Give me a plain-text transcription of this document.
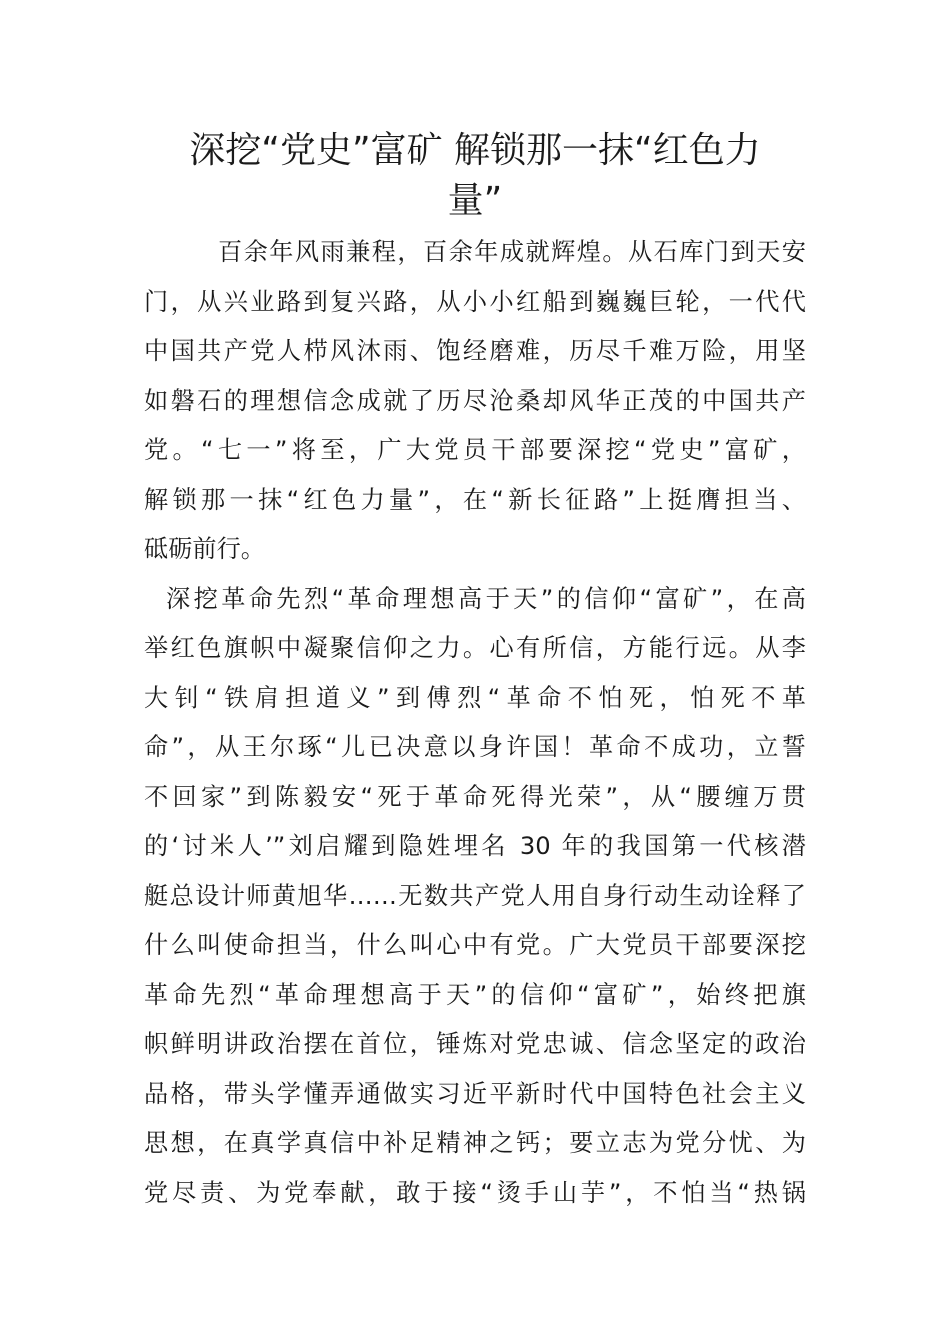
深挖“党史”富矿 解锁那一抹“红色力
量”
百余年风雨兼程，百余年成就辉煌。从石库门到天安
门，从兴业路到复兴路，从小小红船到巍巍巨轮，一代代
中国共产党人栉风沐雨、饱经磨难，历尽千难万险，用坚
如磐石的理想信念成就了历尽沧桑却风华正茂的中国共产
党。“七一”将至，广大党员干部要深挖“党史”富矿，
解锁那一抹“红色力量”，在“新长征路”上挺膺担当、
砥砺前行。
深挖革命先烈“革命理想高于天”的信仰“富矿”，在高
举红色旗帜中凝聚信仰之力。心有所信，方能行远。从李
大钊“铁肩担道义”到傅烈“革命不怕死，怕死不革
命”，从王尔琢“儿已决意以身许国！革命不成功，立誓
不回家”到陈毅安“死于革命死得光荣”，从“腰缠万贯
的‘讨米人’”刘启耀到隐姓埋名 30 年的我国第一代核潜
艇总设计师黄旭华……无数共产党人用自身行动生动诠释了
什么叫使命担当，什么叫心中有党。广大党员干部要深挖
革命先烈“革命理想高于天”的信仰“富矿”，始终把旗
帜鲜明讲政治摆在首位，锤炼对党忠诚、信念坚定的政治
品格，带头学懂弄通做实习近平新时代中国特色社会主义
思想，在真学真信中补足精神之钙；要立志为党分忧、为
党尽责、为党奉献，敢于接“烫手山芋”，不怕当“热锅
